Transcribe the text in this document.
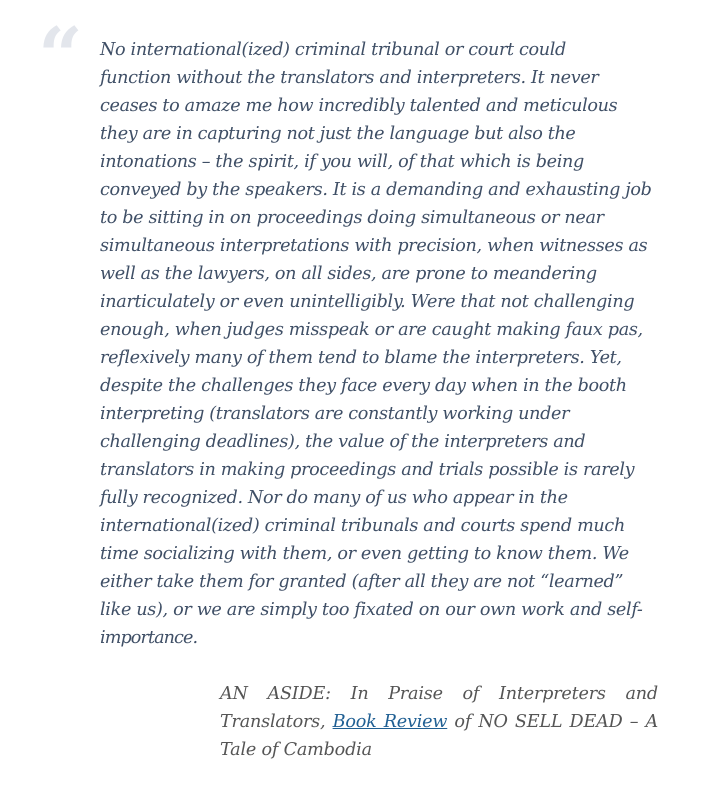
“ No international(ized) criminal tribunal or court could
function without the translators and interpreters. It never
ceases to amaze me how incredibly talented and meticulous
they are in capturing not just the language but also the
intonations – the spirit, if you will, of that which is being
conveyed by the speakers. It is a demanding and exhausting job
to be sitting in on proceedings doing simultaneous or near
simultaneous interpretations with precision, when witnesses as
well as the lawyers, on all sides, are prone to meandering
inarticulately or even unintelligibly. Were that not challenging
enough, when judges misspeak or are caught making faux pas,
reflexively many of them tend to blame the interpreters. Yet,
despite the challenges they face every day when in the booth
interpreting (translators are constantly working under
challenging deadlines), the value of the interpreters and
translators in making proceedings and trials possible is rarely
fully recognized. Nor do many of us who appear in the
international(ized) criminal tribunals and courts spend much
time socializing with them, or even getting to know them. We
either take them for granted (after all they are not “learned”
like us), or we are simply too fixated on our own work and self-
importance.
AN ASIDE: In Praise of Interpreters and Translators, Book Review of NO SELL DEAD – A Tale of Cambodia
